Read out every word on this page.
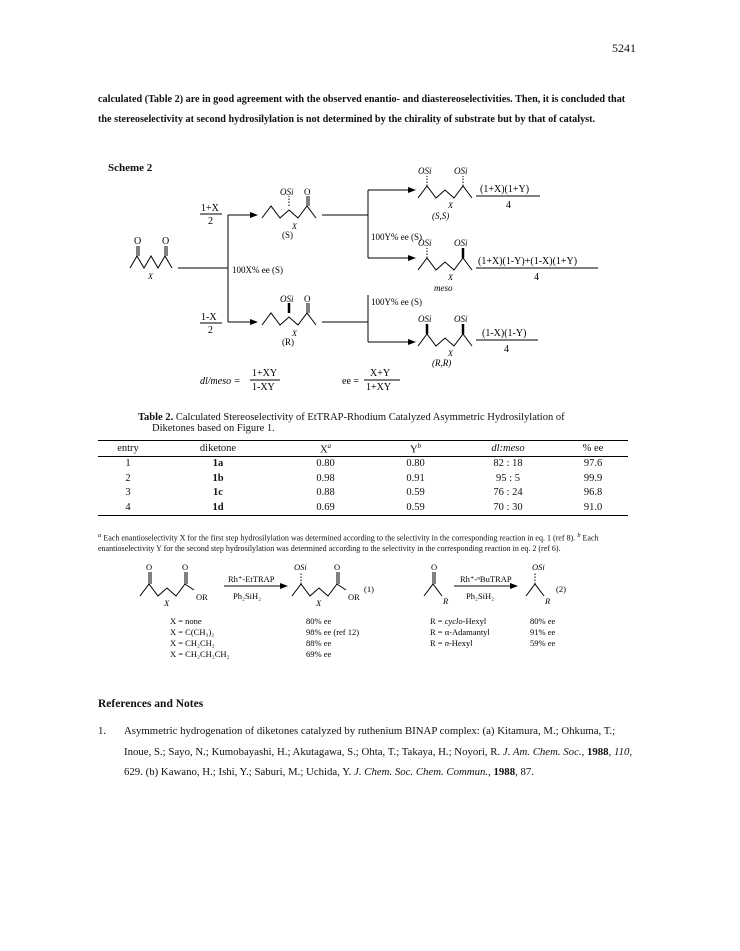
5241
calculated (Table 2) are in good agreement with the observed enantio- and diastereoselectivities. Then, it is concluded that the stereoselectivity at second hydrosilylation is not determined by the chirality of substrate but by that of catalyst.
Scheme 2
O O
X
1+X
2
1-X
2
100X% ee (S)
OSi O
X
(S)
OSi O
X
(R)
100Y% ee (S)
100Y% ee (S)
OSi	OSi
X
(S,S)
OSi	OSi
X
meso
OSi	OSi
X
(R,R)
(1+X)(1+Y)
4
(1+X)(1-Y)+(1-X)(1+Y)
4
(1-X)(1-Y)
4
dl/meso =
1+XY
1-XY
ee =
X+Y
1+XY
Table 2. Calculated Stereoselectivity of EtTRAP-Rhodium Catalyzed Asymmetric Hydrosilylation of
Diketones based on Figure 1.
entry	diketone	$X^a$	$Y^b$	dl:meso	% ee
1	1a	0.80	0.80	82 : 18	97.6
2	1b	0.98	0.91	95 : 5	99.9
3	1c	0.88	0.59	76 : 24	96.8
4	1d	0.69	0.59	70 : 30	91.0
$^a$ Each enantioselectivity X for the first step hydrosilylation was determined according to the selectivity in the corresponding reaction in eq. 1 (ref 8). $^b$ Each enantioselectivity Y for the second step hydrosilylation was determined according to the selectivity in the corresponding reaction in eq. 2 (ref 6).
O	O
X
OR
Rh⁺-EtTRAP
Ph₂SiH₂
OSi	O
X
OR
(1)
O
R
Rh⁺-ⁿBuTRAP
Ph₂SiH₂
OSi
R
(2)
X = none	80% ee
X = C(CH₃)₂	98% ee (ref 12)
X = CH₂CH₂	88% ee
X = CH₂CH₂CH₂	69% ee
R = cyclo-Hexyl	80% ee
R = α-Adamantyl	91% ee
R = n-Hexyl	59% ee
References and Notes
1. Asymmetric hydrogenation of diketones catalyzed by ruthenium BINAP complex: (a) Kitamura, M.; Ohkuma, T.; Inoue, S.; Sayo, N.; Kumobayashi, H.; Akutagawa, S.; Ohta, T.; Takaya, H.; Noyori, R. J. Am. Chem. Soc., 1988, 110, 629. (b) Kawano, H.; Ishi, Y.; Saburi, M.; Uchida, Y. J. Chem. Soc. Chem. Commun., 1988, 87.
